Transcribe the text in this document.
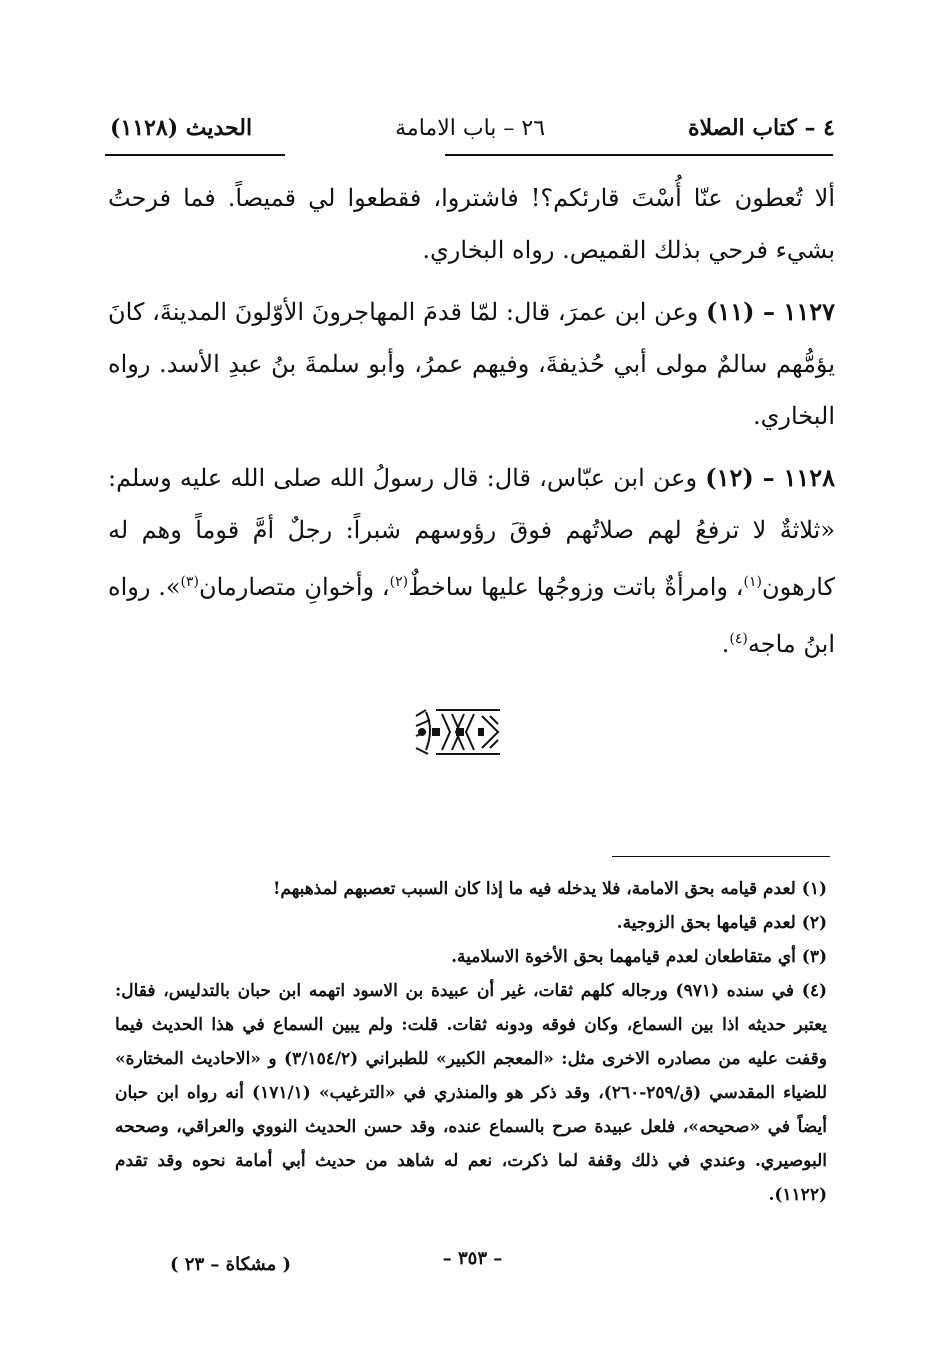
٤ – كتاب الصلاة
٢٦ – باب الامامة
الحديث (١١٢٨)

ألا تُعطون عنّا أُسْتَ قارئكم؟! فاشتروا، فقطعوا لي قميصاً. فما فرحتُ بشيء فرحي بذلك القميص. رواه البخاري.

١١٢٧ – (١١) وعن ابن عمرَ، قال: لمّا قدمَ المهاجرونَ الأوّلونَ المدينةَ، كانَ يؤمُّهم سالمٌ مولى أبي حُذيفةَ، وفيهم عمرُ، وأبو سلمةَ بنُ عبدِ الأسد. رواه البخاري.

١١٢٨ – (١٢) وعن ابن عبّاس، قال: قال رسولُ الله صلى الله عليه وسلم: «ثلاثةٌ لا ترفعُ لهم صلاتُهم فوقَ رؤوسهم شبراً: رجلٌ أمَّ قوماً وهم له كارهون$^{(١)}$، وامرأةٌ باتت وزوجُها عليها ساخطٌ$^{(٢)}$، وأخوانِ متصارمان$^{(٣)}$». رواه ابنُ ماجه$^{(٤)}$.

(١) لعدم قيامه بحق الامامة، فلا يدخله فيه ما إذا كان السبب تعصبهم لمذهبهم!

(٢) لعدم قيامها بحق الزوجية.

(٣) أي متقاطعان لعدم قيامهما بحق الأخوة الاسلامية.

(٤) في سنده (٩٧١) ورجاله كلهم ثقات، غير أن عبيدة بن الاسود اتهمه ابن حبان بالتدليس، فقال: يعتبر حديثه اذا بين السماع، وكان فوقه ودونه ثقات. قلت: ولم يبين السماع في هذا الحديث فيما وقفت عليه من مصادره الاخرى مثل: «المعجم الكبير» للطبراني (٣/١٥٤/٢) و «الاحاديث المختارة» للضياء المقدسي (ق/٢٥٩-٢٦٠)، وقد ذكر هو والمنذري في «الترغيب» (١٧١/١) أنه رواه ابن حبان أيضاً في «صحيحه»، فلعل عبيدة صرح بالسماع عنده، وقد حسن الحديث النووي والعراقي، وصححه البوصيري. وعندي في ذلك وقفة لما ذكرت، نعم له شاهد من حديث أبي أمامة نحوه وقد تقدم (١١٢٢).

– ٣٥٣ –
( مشكاة – ٢٣ )
